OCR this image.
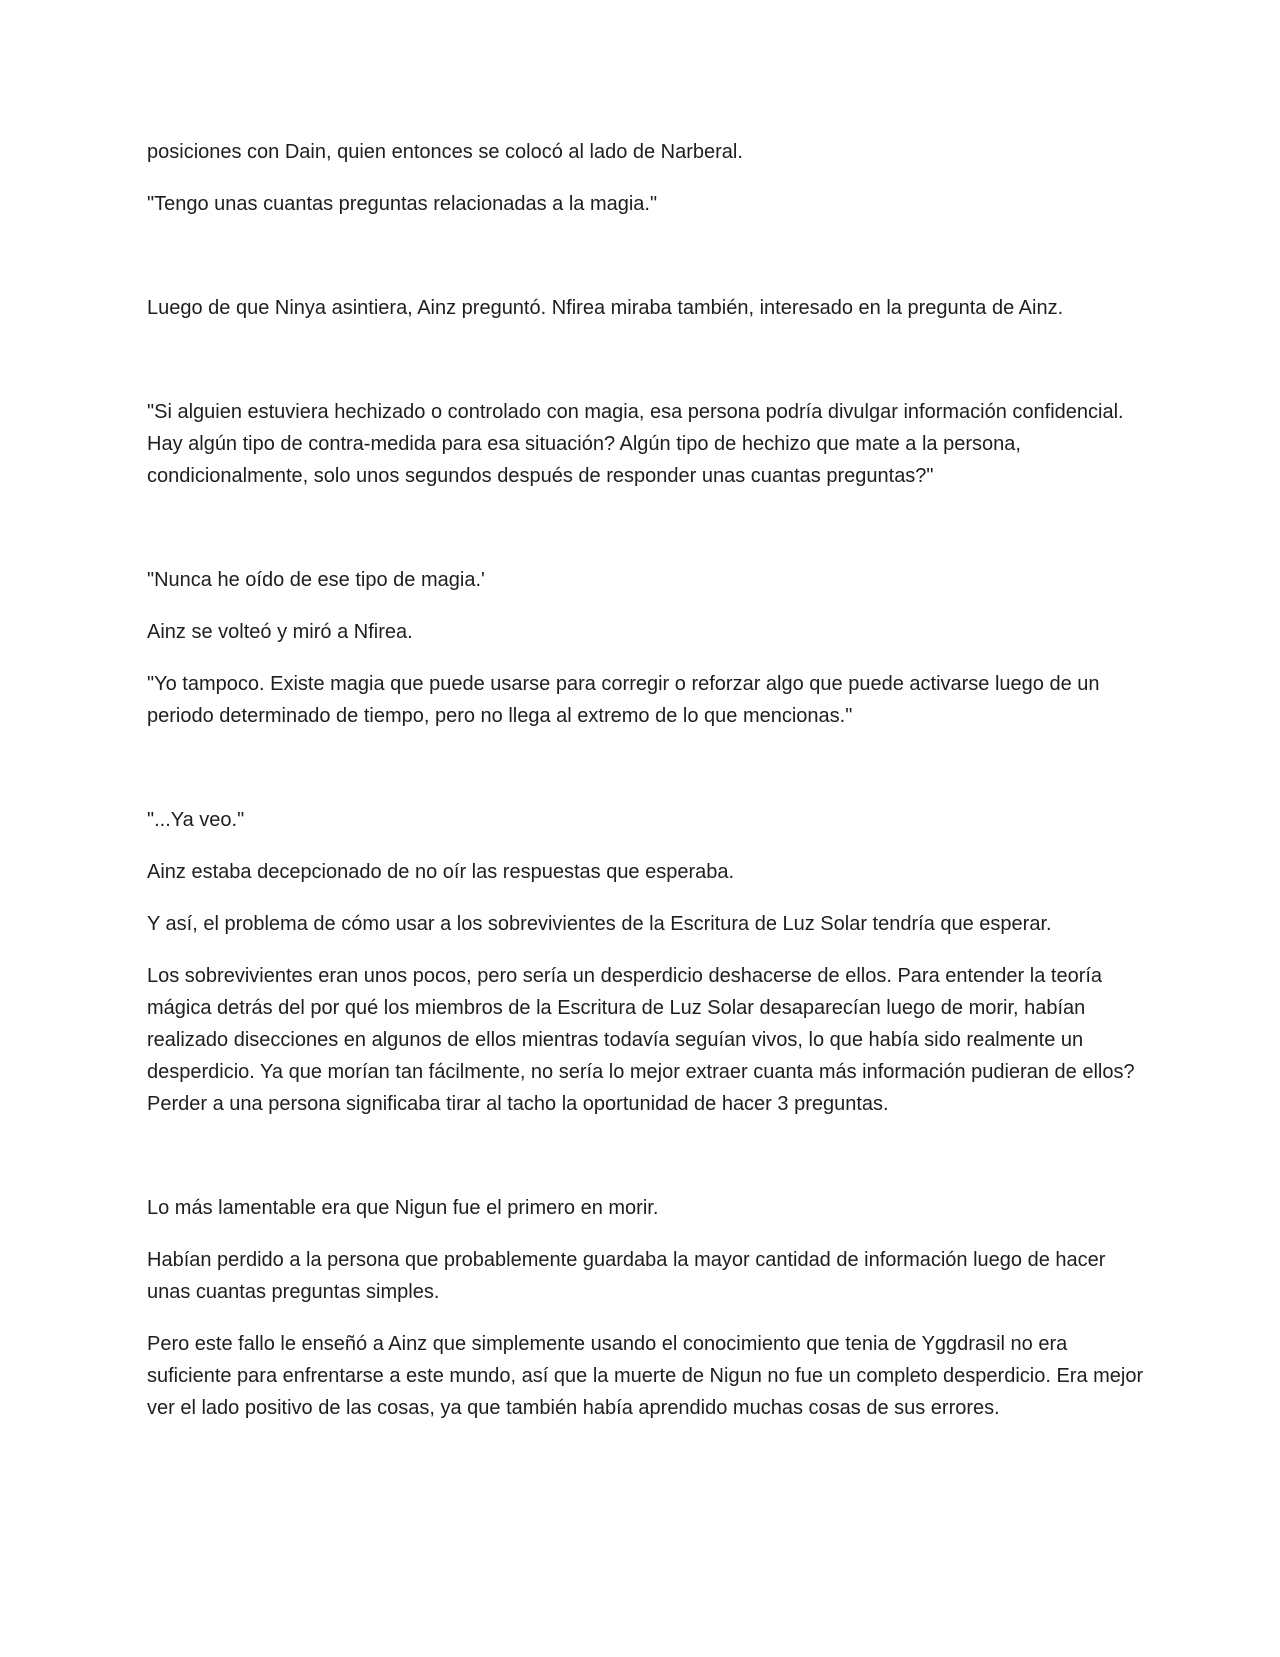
posiciones con Dain, quien entonces se colocó al lado de Narberal.

"Tengo unas cuantas preguntas relacionadas a la magia."

Luego de que Ninya asintiera, Ainz preguntó. Nfirea miraba también, interesado en la pregunta de Ainz.

"Si alguien estuviera hechizado o controlado con magia, esa persona podría divulgar información confidencial. Hay algún tipo de contra-medida para esa situación? Algún tipo de hechizo que mate a la persona, condicionalmente, solo unos segundos después de responder unas cuantas preguntas?"

"Nunca he oído de ese tipo de magia.'

Ainz se volteó y miró a Nfirea.

"Yo tampoco. Existe magia que puede usarse para corregir o reforzar algo que puede activarse luego de un periodo determinado de tiempo, pero no llega al extremo de lo que mencionas."

"...Ya veo."

Ainz estaba decepcionado de no oír las respuestas que esperaba.

Y así, el problema de cómo usar a los sobrevivientes de la Escritura de Luz Solar tendría que esperar.

Los sobrevivientes eran unos pocos, pero sería un desperdicio deshacerse de ellos. Para entender la teoría mágica detrás del por qué los miembros de la Escritura de Luz Solar desaparecían luego de morir, habían realizado disecciones en algunos de ellos mientras todavía seguían vivos, lo que había sido realmente un desperdicio. Ya que morían tan fácilmente, no sería lo mejor extraer cuanta más información pudieran de ellos? Perder a una persona significaba tirar al tacho la oportunidad de hacer 3 preguntas.

Lo más lamentable era que Nigun fue el primero en morir.

Habían perdido a la persona que probablemente guardaba la mayor cantidad de información luego de hacer unas cuantas preguntas simples.

Pero este fallo le enseñó a Ainz que simplemente usando el conocimiento que tenia de Yggdrasil no era suficiente para enfrentarse a este mundo, así que la muerte de Nigun no fue un completo desperdicio. Era mejor ver el lado positivo de las cosas, ya que también había aprendido muchas cosas de sus errores.
